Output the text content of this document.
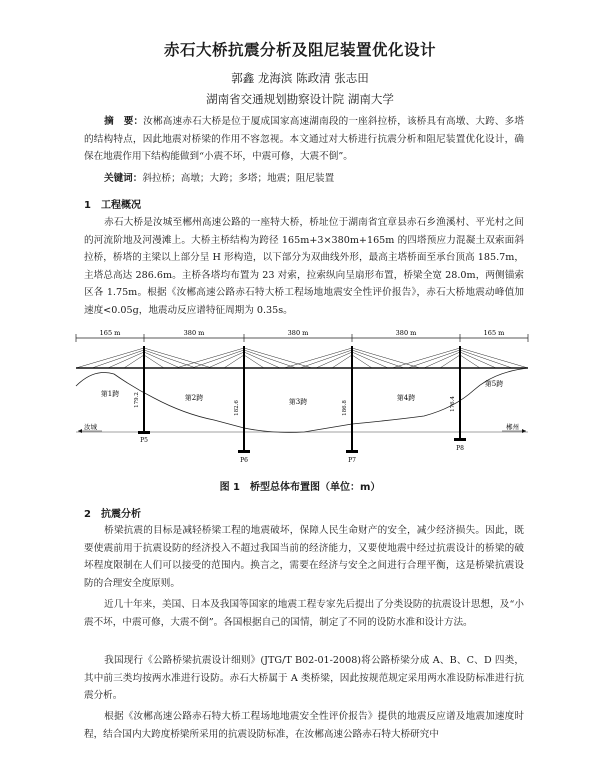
赤石大桥抗震分析及阻尼装置优化设计
郭鑫 龙海滨 陈政清 张志田
湖南省交通规划勘察设计院 湖南大学
摘　要：汝郴高速赤石大桥是位于厦成国家高速湖南段的一座斜拉桥，该桥具有高墩、大跨、多塔的结构特点，因此地震对桥梁的作用不容忽视。本文通过对大桥进行抗震分析和阻尼装置优化设计，确保在地震作用下结构能做到“小震不坏，中震可修，大震不倒”。
关键词：斜拉桥；高墩；大跨；多塔；地震；阻尼装置
1　工程概况
赤石大桥是汝城至郴州高速公路的一座特大桥，桥址位于湖南省宜章县赤石乡渔溪村、平光村之间的河流阶地及河漫滩上。大桥主桥结构为跨径 165m+3×380m+165m 的四塔预应力混凝土双索面斜拉桥，桥塔的主梁以上部分呈 H 形构造，以下部分为双曲线外形，最高主塔桥面至承台顶高 185.7m，主塔总高达 286.6m。主桥各塔均布置为 23 对索，拉索纵向呈扇形布置，桥梁全宽 28.0m，两侧锚索区各 1.75m。根据《汝郴高速公路赤石特大桥工程场地地震安全性评价报告》，赤石大桥地震动峰值加速度<0.05g，地震动反应谱特征周期为 0.35s。
165 m	380 m	380 m	380 m	165 m
179.2
182.6	186.8	176.4
第1跨	第2跨	第3跨	第4跨
第5跨
P5
P6	P7
P8
汝城	郴州
图 1　桥型总体布置图（单位：m）
2　抗震分析
桥梁抗震的目标是减轻桥梁工程的地震破坏，保障人民生命财产的安全，减少经济损失。因此，既要使震前用于抗震设防的经济投入不超过我国当前的经济能力，又要使地震中经过抗震设计的桥梁的破坏程度限制在人们可以接受的范围内。换言之，需要在经济与安全之间进行合理平衡，这是桥梁抗震设防的合理安全度原则。
近几十年来，美国、日本及我国等国家的地震工程专家先后提出了分类设防的抗震设计思想，及“小震不坏，中震可修，大震不倒”。各国根据自己的国情，制定了不同的设防水准和设计方法。
我国现行《公路桥梁抗震设计细则》(JTG/T B02-01-2008)将公路桥梁分成 A、B、C、D 四类，其中前三类均按两水准进行设防。赤石大桥属于 A 类桥梁，因此按规范规定采用两水准设防标准进行抗震分析。
根据《汝郴高速公路赤石特大桥工程场地地震安全性评价报告》提供的地震反应谱及地震加速度时程，结合国内大跨度桥梁所采用的抗震设防标准，在汝郴高速公路赤石特大桥研究中
